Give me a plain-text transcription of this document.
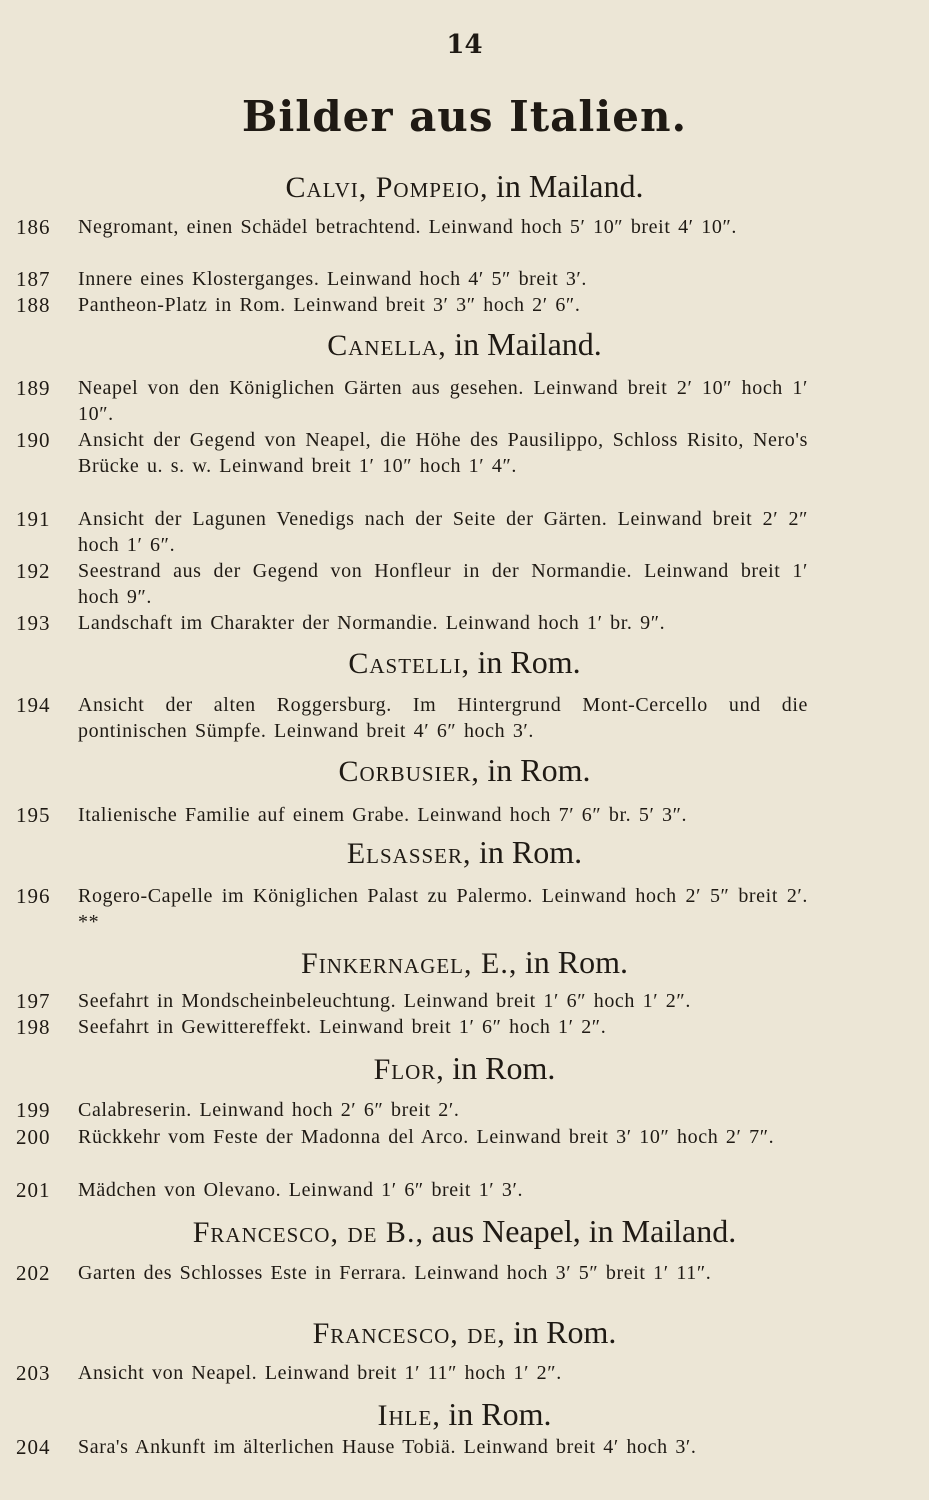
14
Bilder aus Italien.
Calvi, Pompeio, in Mailand.
186	Negromant, einen Schädel betrachtend. Leinwand hoch 5′ 10″ breit 4′ 10″.
187	Innere eines Klosterganges. Leinwand hoch 4′ 5″ breit 3′.
188	Pantheon-Platz in Rom. Leinwand breit 3′ 3″ hoch 2′ 6″.
Canella, in Mailand.
189	Neapel von den Königlichen Gärten aus gesehen. Leinwand breit 2′ 10″ hoch 1′ 10″.
190	Ansicht der Gegend von Neapel, die Höhe des Pausilippo, Schloss Risito, Nero's Brücke u. s. w. Leinwand breit 1′ 10″ hoch 1′ 4″.
191	Ansicht der Lagunen Venedigs nach der Seite der Gärten. Leinwand breit 2′ 2″ hoch 1′ 6″.
192	Seestrand aus der Gegend von Honfleur in der Normandie. Leinwand breit 1′ hoch 9″.
193	Landschaft im Charakter der Normandie. Leinwand hoch 1′ br. 9″.
Castelli, in Rom.
194	Ansicht der alten Roggersburg. Im Hintergrund Mont-Cercello und die pontinischen Sümpfe. Leinwand breit 4′ 6″ hoch 3′.
Corbusier, in Rom.
195	Italienische Familie auf einem Grabe. Leinwand hoch 7′ 6″ br. 5′ 3″.
Elsasser, in Rom.
196	Rogero-Capelle im Königlichen Palast zu Palermo. Leinwand hoch 2′ 5″ breit 2′. **
Finkernagel, E., in Rom.
197	Seefahrt in Mondscheinbeleuchtung. Leinwand breit 1′ 6″ hoch 1′ 2″.
198	Seefahrt in Gewittereffekt. Leinwand breit 1′ 6″ hoch 1′ 2″.
Flor, in Rom.
199	Calabreserin. Leinwand hoch 2′ 6″ breit 2′.
200	Rückkehr vom Feste der Madonna del Arco. Leinwand breit 3′ 10″ hoch 2′ 7″.
201	Mädchen von Olevano. Leinwand 1′ 6″ breit 1′ 3′.
Francesco, de B., aus Neapel, in Mailand.
202	Garten des Schlosses Este in Ferrara. Leinwand hoch 3′ 5″ breit 1′ 11″.
Francesco, de, in Rom.
203	Ansicht von Neapel. Leinwand breit 1′ 11″ hoch 1′ 2″.
Ihle, in Rom.
204	Sara's Ankunft im älterlichen Hause Tobiä. Leinwand breit 4′ hoch 3′.
